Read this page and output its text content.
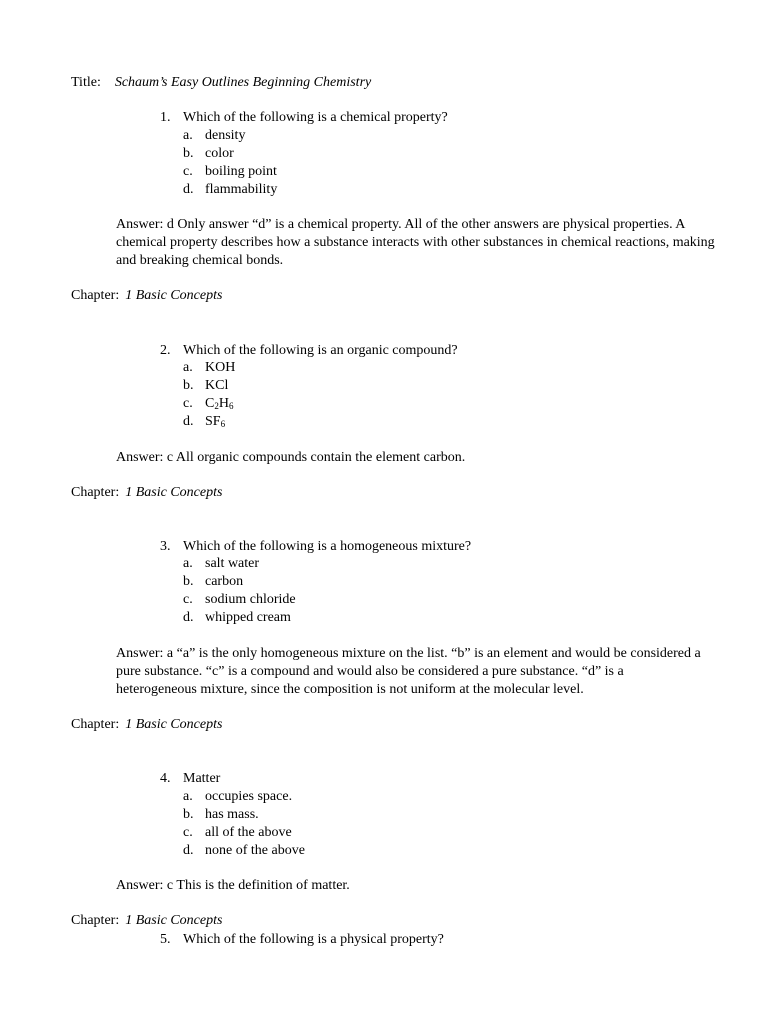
Title: Schaum’s Easy Outlines Beginning Chemistry
1. Which of the following is a chemical property?
a. density
b. color
c. boiling point
d. flammability
Answer: d Only answer “d” is a chemical property. All of the other answers are physical properties. A chemical property describes how a substance interacts with other substances in chemical reactions, making and breaking chemical bonds.
Chapter: 1 Basic Concepts
2. Which of the following is an organic compound?
a. KOH
b. KCl
c. $C_2H_6$
d. $SF_6$
Answer: c All organic compounds contain the element carbon.
Chapter: 1 Basic Concepts
3. Which of the following is a homogeneous mixture?
a. salt water
b. carbon
c. sodium chloride
d. whipped cream
Answer: a “a” is the only homogeneous mixture on the list. “b” is an element and would be considered a pure substance. “c” is a compound and would also be considered a pure substance. “d” is a heterogeneous mixture, since the composition is not uniform at the molecular level.
Chapter: 1 Basic Concepts
4. Matter
a. occupies space.
b. has mass.
c. all of the above
d. none of the above
Answer: c This is the definition of matter.
Chapter: 1 Basic Concepts
5. Which of the following is a physical property?
